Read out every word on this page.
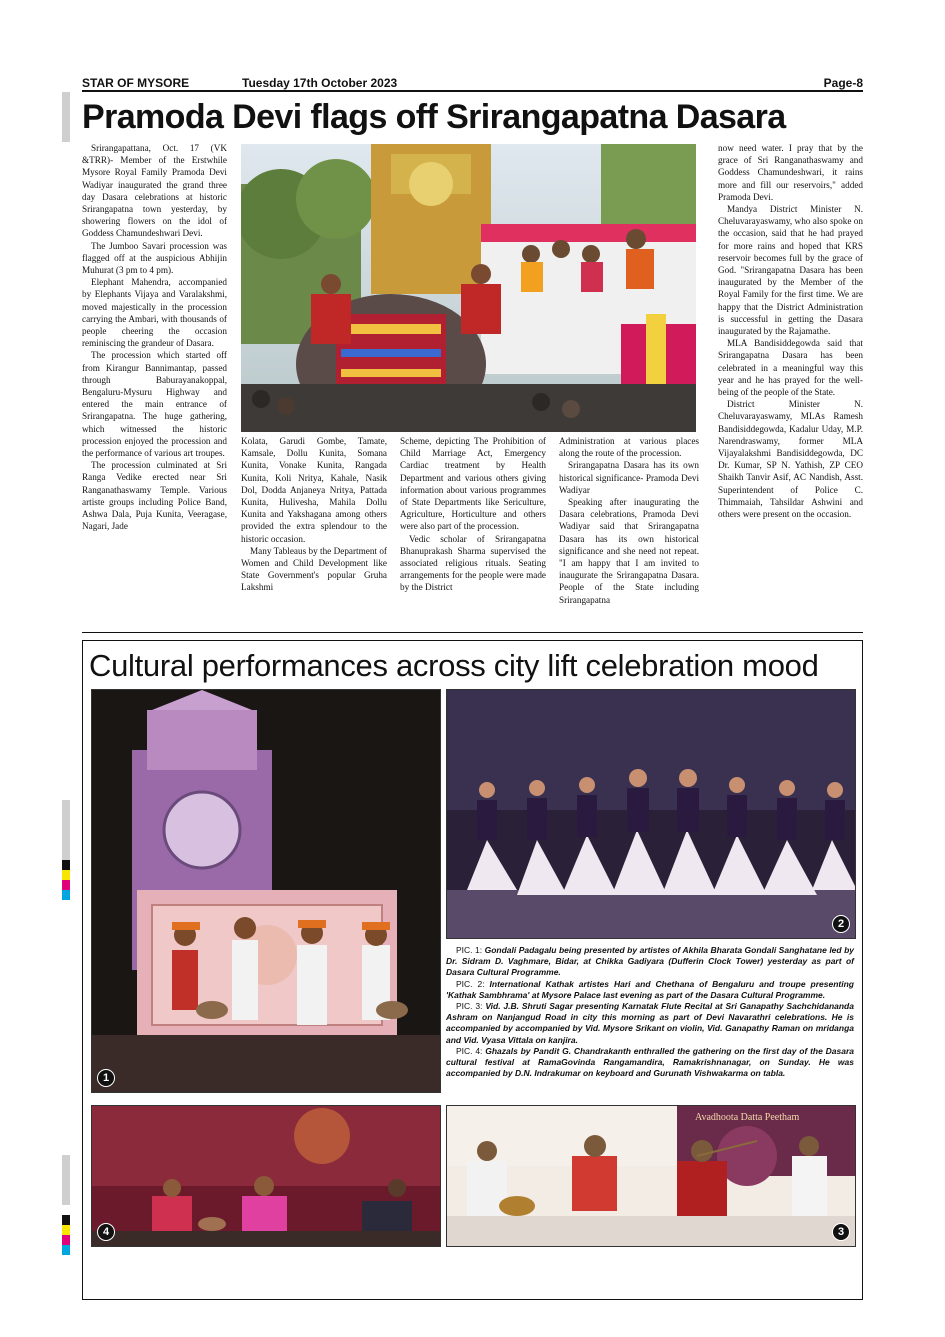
STAR OF MYSORE	Tuesday 17th October 2023	Page-8
Pramoda Devi flags off Srirangapatna Dasara

Srirangapattana, Oct. 17 (VK &TRR)- Member of the Erstwhile Mysore Royal Family Pramoda Devi Wadiyar inaugurated the grand three day Dasara celebrations at historic Srirangapatna town yesterday, by showering flowers on the idol of Goddess Chamundeshwari Devi.

The Jumboo Savari procession was flagged off at the auspicious Abhijin Muhurat (3 pm to 4 pm).

Elephant Mahendra, accompanied by Elephants Vijaya and Varalakshmi, moved majestically in the procession carrying the Ambari, with thousands of people cheering the occasion reminiscing the grandeur of Dasara.

The procession which started off from Kirangur Bannimantap, passed through Baburayanakoppal, Bengaluru-Mysuru Highway and entered the main entrance of Srirangapatna. The huge gathering, which witnessed the historic procession enjoyed the procession and the performance of various art troupes.

The procession culminated at Sri Ranga Vedike erected near Sri Ranganathaswamy Temple. Various artiste groups including Police Band, Ashwa Dala, Puja Kunita, Veeragase, Nagari, Jade

Kolata, Garudi Gombe, Tamate, Kamsale, Dollu Kunita, Somana Kunita, Vonake Kunita, Rangada Kunita, Koli Nritya, Kahale, Nasik Dol, Dodda Anjaneya Nritya, Pattada Kunita, Hulivesha, Mahila Dollu Kunita and Yakshagana among others provided the extra splendour to the historic occasion.

Many Tableaus by the Department of Women and Child Development like State Government's popular Gruha Lakshmi

Scheme, depicting The Prohibition of Child Marriage Act, Emergency Cardiac treatment by Health Department and various others giving information about various programmes of State Departments like Sericulture, Agriculture, Horticulture and others were also part of the procession.

Vedic scholar of Srirangapatna Bhanuprakash Sharma supervised the associated religious rituals. Seating arrangements for the people were made by the District

Administration at various places along the route of the procession.

Srirangapatna Dasara has its own historical significance- Pramoda Devi Wadiyar

Speaking after inaugurating the Dasara celebrations, Pramoda Devi Wadiyar said that Srirangapatna Dasara has its own historical significance and she need not repeat. "I am happy that I am invited to inaugurate the Srirangapatna Dasara. People of the State including Srirangapatna

now need water. I pray that by the grace of Sri Ranganathaswamy and Goddess Chamundeshwari, it rains more and fill our reservoirs," added Pramoda Devi.

Mandya District Minister N. Cheluvarayaswamy, who also spoke on the occasion, said that he had prayed for more rains and hoped that KRS reservoir becomes full by the grace of God. "Srirangapatna Dasara has been inaugurated by the Member of the Royal Family for the first time. We are happy that the District Administration is successful in getting the Dasara inaugurated by the Rajamathe.

MLA Bandisiddegowda said that Srirangapatna Dasara has been celebrated in a meaningful way this year and he has prayed for the well-being of the people of the State.

District Minister N. Cheluvarayaswamy, MLAs Ramesh Bandisiddegowda, Kadalur Uday, M.P. Narendraswamy, former MLA Vijayalakshmi Bandisiddegowda, DC Dr. Kumar, SP N. Yathish, ZP CEO Shaikh Tanvir Asif, AC Nandish, Asst. Superintendent of Police C. Thimmaiah, Tahsildar Ashwini and others were present on the occasion.

Cultural performances across city lift celebration mood
1
2

PIC. 1: Gondali Padagalu being presented by artistes of Akhila Bharata Gondali Sanghatane led by Dr. Sidram D. Vaghmare, Bidar, at Chikka Gadiyara (Dufferin Clock Tower) yesterday as part of Dasara Cultural Programme.

PIC. 2: International Kathak artistes Hari and Chethana of Bengaluru and troupe presenting 'Kathak Sambhrama' at Mysore Palace last evening as part of the Dasara Cultural Programme.

PIC. 3: Vid. J.B. Shruti Sagar presenting Karnatak Flute Recital at Sri Ganapathy Sachchidananda Ashram on Nanjangud Road in city this morning as part of Devi Navarathri celebrations. He is accompanied by accompanied by Vid. Mysore Srikant on violin, Vid. Ganapathy Raman on mridanga and Vid. Vyasa Vittala on kanjira.

PIC. 4: Ghazals by Pandit G. Chandrakanth enthralled the gathering on the first day of the Dasara cultural festival at RamaGovinda Rangamandira, Ramakrishnanagar, on Sunday. He was accompanied by D.N. Indrakumar on keyboard and Gurunath Vishwakarma on tabla.

4
Avadhoota Datta Peetham
3
